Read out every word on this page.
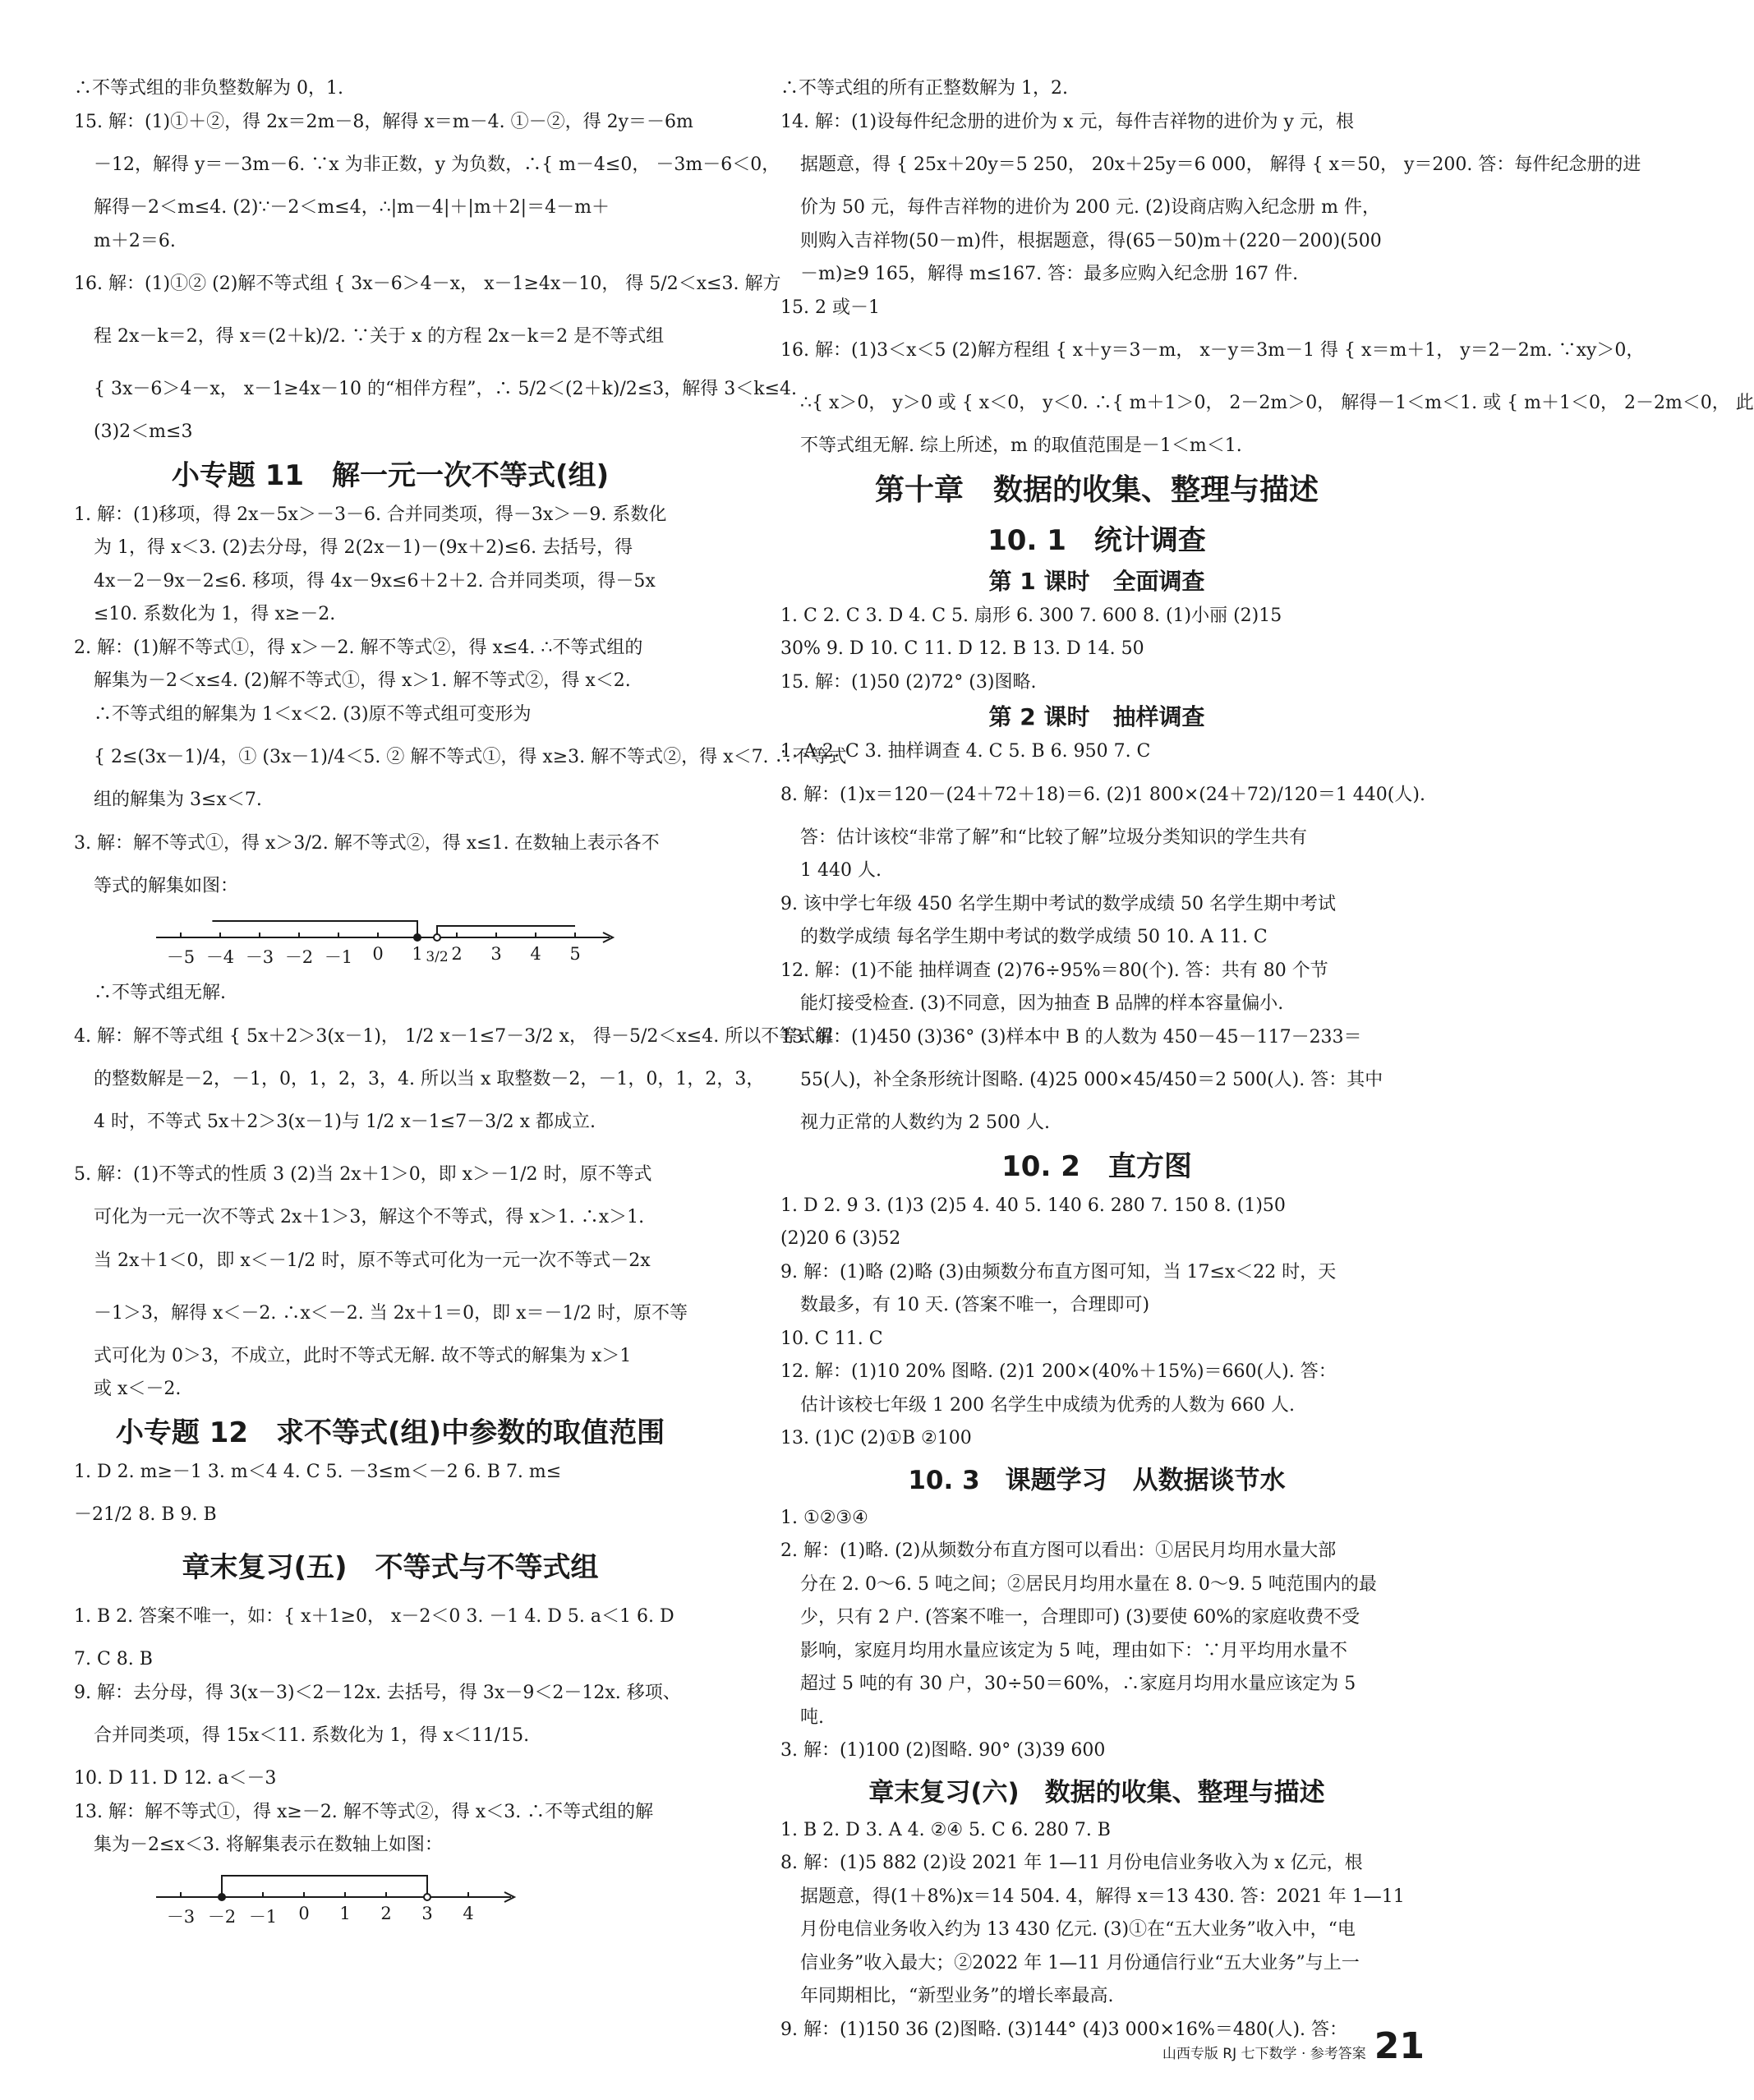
∴不等式组的非负整数解为 0，1.

15. 解：(1)①＋②，得 2x＝2m－8，解得 x＝m－4. ①－②，得 2y＝－6m

－12，解得 y＝－3m－6. ∵x 为非正数，y 为负数，∴{ m－4≤0， －3m－6＜0，

解得－2＜m≤4. (2)∵－2＜m≤4，∴|m－4|＋|m＋2|＝4－m＋

m＋2＝6.

16. 解：(1)①② (2)解不等式组 { 3x－6＞4－x， x－1≥4x－10， 得 5/2＜x≤3. 解方

程 2x－k＝2，得 x＝(2＋k)/2. ∵关于 x 的方程 2x－k＝2 是不等式组

{ 3x－6＞4－x， x－1≥4x－10 的“相伴方程”，∴ 5/2＜(2＋k)/2≤3，解得 3＜k≤4.

(3)2＜m≤3

小专题 11　解一元一次不等式(组)

1. 解：(1)移项，得 2x－5x＞－3－6. 合并同类项，得－3x＞－9. 系数化

为 1，得 x＜3. (2)去分母，得 2(2x－1)－(9x＋2)≤6. 去括号，得

4x－2－9x－2≤6. 移项，得 4x－9x≤6＋2＋2. 合并同类项，得－5x

≤10. 系数化为 1，得 x≥－2.

2. 解：(1)解不等式①，得 x＞－2. 解不等式②，得 x≤4. ∴不等式组的

解集为－2＜x≤4. (2)解不等式①，得 x＞1. 解不等式②，得 x＜2.

∴不等式组的解集为 1＜x＜2. (3)原不等式组可变形为

{ 2≤(3x－1)/4，① (3x－1)/4＜5. ② 解不等式①，得 x≥3. 解不等式②，得 x＜7. ∴不等式

组的解集为 3≤x＜7.

3. 解：解不等式①，得 x＞3/2. 解不等式②，得 x≤1. 在数轴上表示各不

等式的解集如图：

－5 －4 －3 －2 －1 0 1 2 3 4 5
3/2

∴不等式组无解.

4. 解：解不等式组 { 5x＋2＞3(x－1)， 1/2 x－1≤7－3/2 x， 得－5/2＜x≤4. 所以不等式组

的整数解是－2，－1，0，1，2，3，4. 所以当 x 取整数－2，－1，0，1，2，3，

4 时，不等式 5x＋2＞3(x－1)与 1/2 x－1≤7－3/2 x 都成立.

5. 解：(1)不等式的性质 3 (2)当 2x＋1＞0，即 x＞－1/2 时，原不等式

可化为一元一次不等式 2x＋1＞3，解这个不等式，得 x＞1. ∴x＞1.

当 2x＋1＜0，即 x＜－1/2 时，原不等式可化为一元一次不等式－2x

－1＞3，解得 x＜－2. ∴x＜－2. 当 2x＋1＝0，即 x＝－1/2 时，原不等

式可化为 0＞3，不成立，此时不等式无解. 故不等式的解集为 x＞1

或 x＜－2.

小专题 12　求不等式(组)中参数的取值范围

1. D 2. m≥－1 3. m＜4 4. C 5. －3≤m＜－2 6. B 7. m≤

－21/2 8. B 9. B

章末复习(五)　不等式与不等式组

1. B 2. 答案不唯一，如：{ x＋1≥0， x－2＜0 3. －1 4. D 5. a＜1 6. D

7. C 8. B

9. 解：去分母，得 3(x－3)＜2－12x. 去括号，得 3x－9＜2－12x. 移项、

合并同类项，得 15x＜11. 系数化为 1，得 x＜11/15.

10. D 11. D 12. a＜－3

13. 解：解不等式①，得 x≥－2. 解不等式②，得 x＜3. ∴不等式组的解

集为－2≤x＜3. 将解集表示在数轴上如图：

－3 －2 －1 0 1 2 3 4

∴不等式组的所有正整数解为 1，2.

14. 解：(1)设每件纪念册的进价为 x 元，每件吉祥物的进价为 y 元，根

据题意，得 { 25x＋20y＝5 250， 20x＋25y＝6 000， 解得 { x＝50， y＝200. 答：每件纪念册的进

价为 50 元，每件吉祥物的进价为 200 元. (2)设商店购入纪念册 m 件，

则购入吉祥物(50－m)件，根据题意，得(65－50)m＋(220－200)(500

－m)≥9 165，解得 m≤167. 答：最多应购入纪念册 167 件.

15. 2 或－1

16. 解：(1)3＜x＜5 (2)解方程组 { x＋y＝3－m， x－y＝3m－1 得 { x＝m＋1， y＝2－2m. ∵xy＞0，

∴{ x＞0， y＞0 或 { x＜0， y＜0. ∴{ m＋1＞0， 2－2m＞0， 解得－1＜m＜1. 或 { m＋1＜0， 2－2m＜0， 此

不等式组无解. 综上所述，m 的取值范围是－1＜m＜1.

第十章　数据的收集、整理与描述

10. 1　统计调查

第 1 课时　全面调查

1. C 2. C 3. D 4. C 5. 扇形 6. 300 7. 600 8. (1)小丽 (2)15

30% 9. D 10. C 11. D 12. B 13. D 14. 50

15. 解：(1)50 (2)72° (3)图略.

第 2 课时　抽样调查

1. A 2. C 3. 抽样调查 4. C 5. B 6. 950 7. C

8. 解：(1)x＝120－(24＋72＋18)＝6. (2)1 800×(24＋72)/120＝1 440(人).

答：估计该校“非常了解”和“比较了解”垃圾分类知识的学生共有

1 440 人.

9. 该中学七年级 450 名学生期中考试的数学成绩 50 名学生期中考试

的数学成绩 每名学生期中考试的数学成绩 50 10. A 11. C

12. 解：(1)不能 抽样调查 (2)76÷95%＝80(个). 答：共有 80 个节

能灯接受检查. (3)不同意，因为抽查 B 品牌的样本容量偏小.

13. 解：(1)450 (3)36° (3)样本中 B 的人数为 450－45－117－233＝

55(人)，补全条形统计图略. (4)25 000×45/450＝2 500(人). 答：其中

视力正常的人数约为 2 500 人.

10. 2　直方图

1. D 2. 9 3. (1)3 (2)5 4. 40 5. 140 6. 280 7. 150 8. (1)50

(2)20 6 (3)52

9. 解：(1)略 (2)略 (3)由频数分布直方图可知，当 17≤x＜22 时，天

数最多，有 10 天. (答案不唯一，合理即可)

10. C 11. C

12. 解：(1)10 20% 图略. (2)1 200×(40%＋15%)＝660(人). 答：

估计该校七年级 1 200 名学生中成绩为优秀的人数为 660 人.

13. (1)C (2)①B ②100

10. 3　课题学习　从数据谈节水

1. ①②③④

2. 解：(1)略. (2)从频数分布直方图可以看出：①居民月均用水量大部

分在 2. 0～6. 5 吨之间；②居民月均用水量在 8. 0～9. 5 吨范围内的最

少，只有 2 户. (答案不唯一，合理即可) (3)要使 60%的家庭收费不受

影响，家庭月均用水量应该定为 5 吨，理由如下：∵月平均用水量不

超过 5 吨的有 30 户，30÷50＝60%，∴家庭月均用水量应该定为 5

吨.

3. 解：(1)100 (2)图略. 90° (3)39 600

章末复习(六)　数据的收集、整理与描述

1. B 2. D 3. A 4. ②④ 5. C 6. 280 7. B

8. 解：(1)5 882 (2)设 2021 年 1—11 月份电信业务收入为 x 亿元，根

据题意，得(1＋8%)x＝14 504. 4，解得 x＝13 430. 答：2021 年 1—11

月份电信业务收入约为 13 430 亿元. (3)①在“五大业务”收入中，“电

信业务”收入最大；②2022 年 1—11 月份通信行业“五大业务”与上一

年同期相比，“新型业务”的增长率最高.

9. 解：(1)150 36 (2)图略. (3)144° (4)3 000×16%＝480(人). 答：

山西专版 RJ 七下数学 · 参考答案 21
